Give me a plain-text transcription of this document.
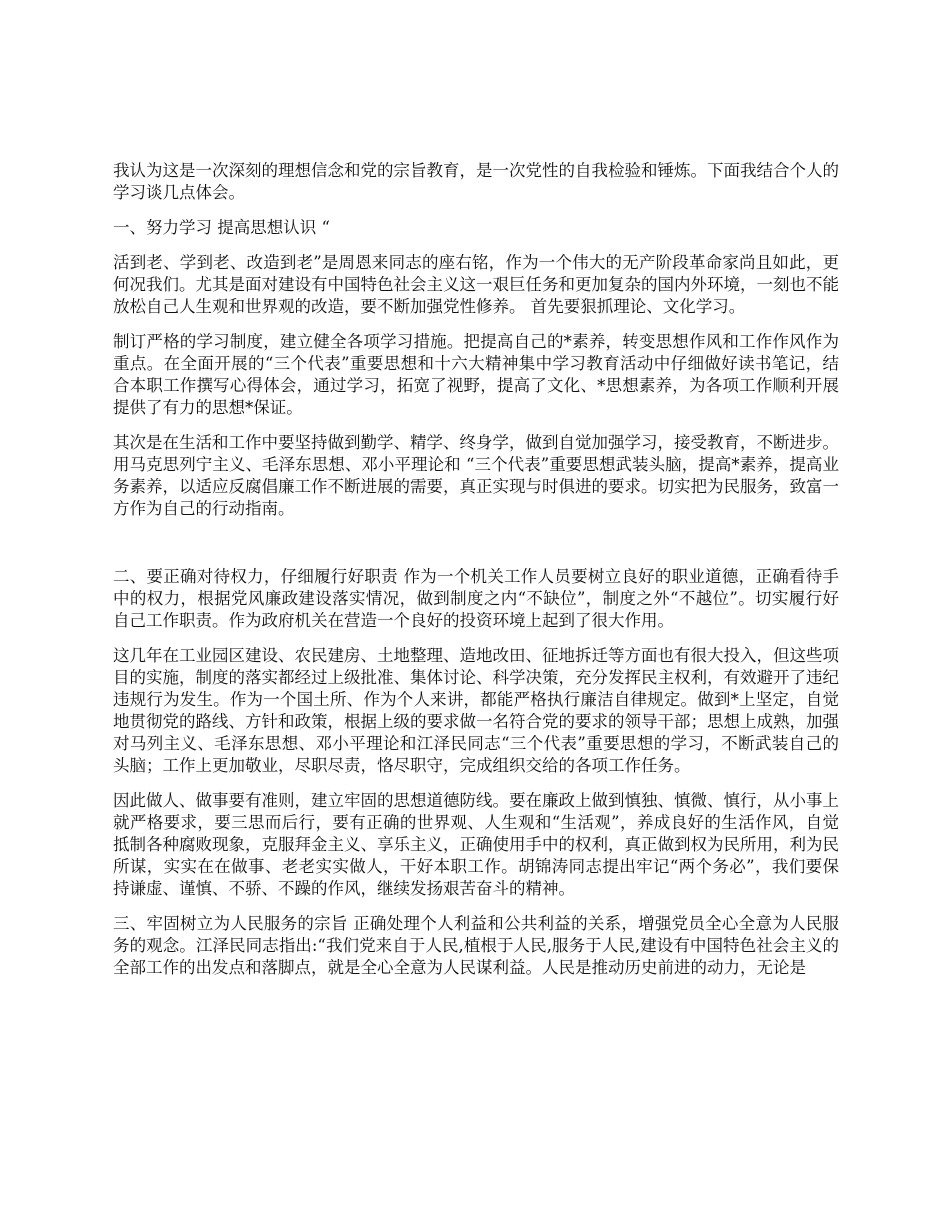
我认为这是一次深刻的理想信念和党的宗旨教育，是一次党性的自我检验和锤炼。下面我结合个人的学习谈几点体会。

一、努力学习 提高思想认识 “

活到老、学到老、改造到老”是周恩来同志的座右铭，作为一个伟大的无产阶段革命家尚且如此，更何况我们。尤其是面对建设有中国特色社会主义这一艰巨任务和更加复杂的国内外环境，一刻也不能放松自己人生观和世界观的改造，要不断加强党性修养。 首先要狠抓理论、文化学习。

制订严格的学习制度，建立健全各项学习措施。把提高自己的*素养，转变思想作风和工作作风作为重点。在全面开展的“三个代表”重要思想和十六大精神集中学习教育活动中仔细做好读书笔记，结合本职工作撰写心得体会，通过学习，拓宽了视野，提高了文化、*思想素养，为各项工作顺利开展提供了有力的思想*保证。

其次是在生活和工作中要坚持做到勤学、精学、终身学，做到自觉加强学习，接受教育，不断进步。用马克思列宁主义、毛泽东思想、邓小平理论和 “三个代表”重要思想武装头脑，提高*素养，提高业务素养，以适应反腐倡廉工作不断进展的需要，真正实现与时俱进的要求。切实把为民服务，致富一方作为自己的行动指南。

二、要正确对待权力，仔细履行好职责 作为一个机关工作人员要树立良好的职业道德，正确看待手中的权力，根据党风廉政建设落实情况，做到制度之内“不缺位”，制度之外“不越位”。切实履行好自己工作职责。作为政府机关在营造一个良好的投资环境上起到了很大作用。

这几年在工业园区建设、农民建房、土地整理、造地改田、征地拆迁等方面也有很大投入，但这些项目的实施，制度的落实都经过上级批准、集体讨论、科学决策，充分发挥民主权利，有效避开了违纪违规行为发生。作为一个国土所、作为个人来讲，都能严格执行廉洁自律规定。做到*上坚定，自觉地贯彻党的路线、方针和政策，根据上级的要求做一名符合党的要求的领导干部；思想上成熟，加强对马列主义、毛泽东思想、邓小平理论和江泽民同志“三个代表”重要思想的学习，不断武装自己的头脑；工作上更加敬业，尽职尽责，恪尽职守，完成组织交给的各项工作任务。

因此做人、做事要有准则，建立牢固的思想道德防线。要在廉政上做到慎独、慎微、慎行，从小事上就严格要求，要三思而后行，要有正确的世界观、人生观和“生活观”，养成良好的生活作风，自觉抵制各种腐败现象，克服拜金主义、享乐主义，正确使用手中的权利，真正做到权为民所用，利为民所谋，实实在在做事、老老实实做人，干好本职工作。胡锦涛同志提出牢记“两个务必”，我们要保持谦虚、谨慎、不骄、不躁的作风，继续发扬艰苦奋斗的精神。

三、牢固树立为人民服务的宗旨 正确处理个人利益和公共利益的关系，增强党员全心全意为人民服务的观念。江泽民同志指出:“我们党来自于人民,植根于人民,服务于人民,建设有中国特色社会主义的全部工作的出发点和落脚点，就是全心全意为人民谋利益。人民是推动历史前进的动力，无论是
